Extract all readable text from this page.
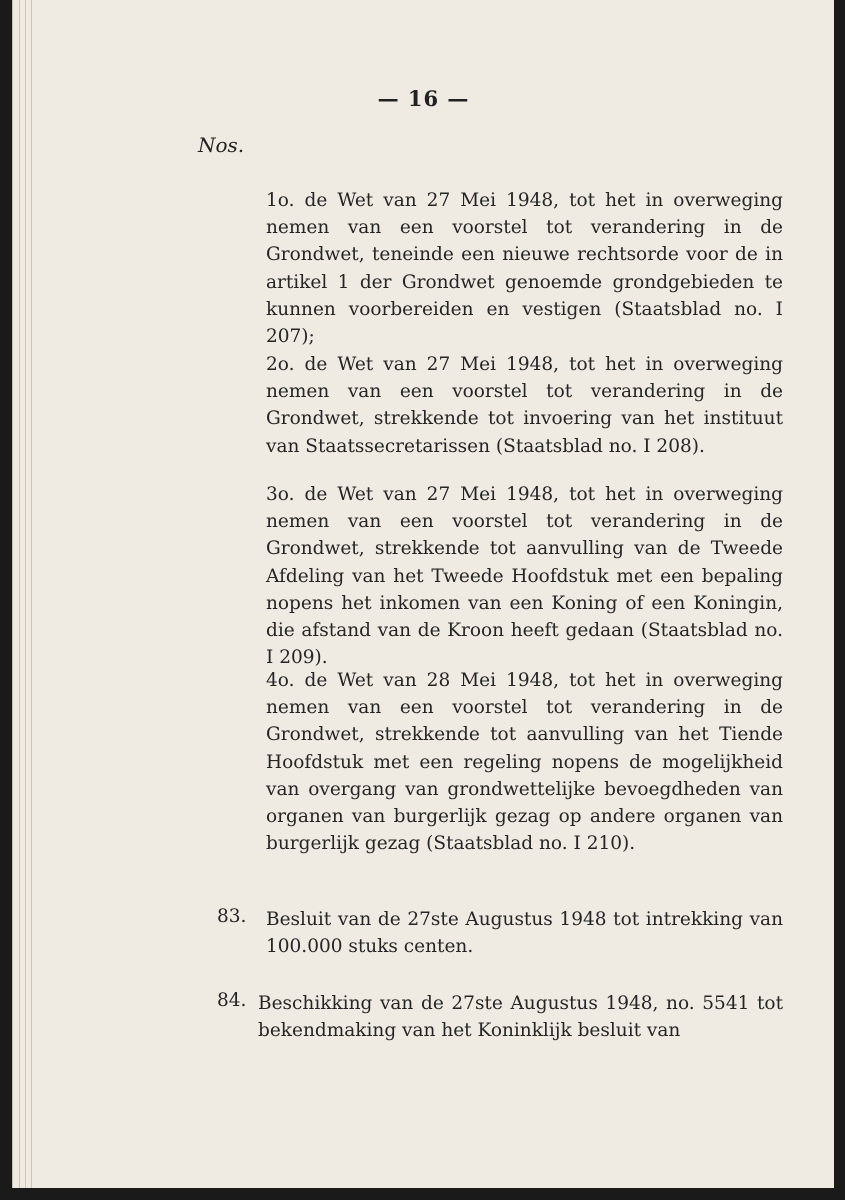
— 16 —
Nos.

1o. de Wet van 27 Mei 1948, tot het in overweging nemen van een voorstel tot verandering in de Grondwet, teneinde een nieuwe rechtsorde voor de in artikel 1 der Grondwet genoemde grondgebieden te kunnen voorbereiden en vestigen (Staatsblad no. I 207);

2o. de Wet van 27 Mei 1948, tot het in overweging nemen van een voorstel tot verandering in de Grondwet, strekkende tot invoering van het instituut van Staatssecretarissen (Staatsblad no. I 208).

3o. de Wet van 27 Mei 1948, tot het in overweging nemen van een voorstel tot verandering in de Grondwet, strekkende tot aanvulling van de Tweede Afdeling van het Tweede Hoofdstuk met een bepaling nopens het inkomen van een Koning of een Koningin, die afstand van de Kroon heeft gedaan (Staatsblad no. I 209).

4o. de Wet van 28 Mei 1948, tot het in overweging nemen van een voorstel tot verandering in de Grondwet, strekkende tot aanvulling van het Tiende Hoofdstuk met een regeling nopens de mogelijkheid van overgang van grondwettelijke bevoegdheden van organen van burgerlijk gezag op andere organen van burgerlijk gezag (Staatsblad no. I 210).

83. Besluit van de 27ste Augustus 1948 tot intrekking van 100.000 stuks centen.

84. Beschikking van de 27ste Augustus 1948, no. 5541 tot bekendmaking van het Koninklijk besluit van
